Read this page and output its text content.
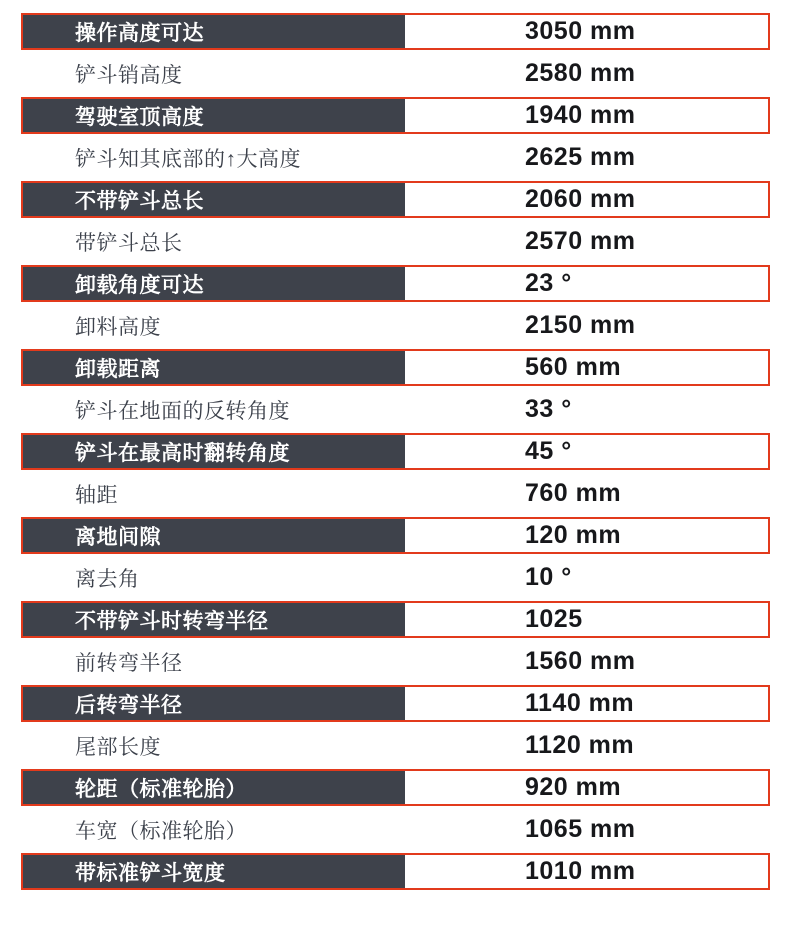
操作高度可达	3050 mm
铲斗销高度	2580 mm
驾驶室顶高度	1940 mm
铲斗知其底部的↑大高度	2625 mm
不带铲斗总长	2060 mm
带铲斗总长	2570 mm
卸载角度可达	23 °
卸料高度	2150 mm
卸载距离	560 mm
铲斗在地面的反转角度	33 °
铲斗在最高时翻转角度	45 °
轴距	760 mm
离地间隙	120 mm
离去角	10 °
不带铲斗时转弯半径	1025
前转弯半径	1560 mm
后转弯半径	1140 mm
尾部长度	1120 mm
轮距（标准轮胎）	920 mm
车宽（标准轮胎）	1065 mm
带标准铲斗宽度	1010 mm
